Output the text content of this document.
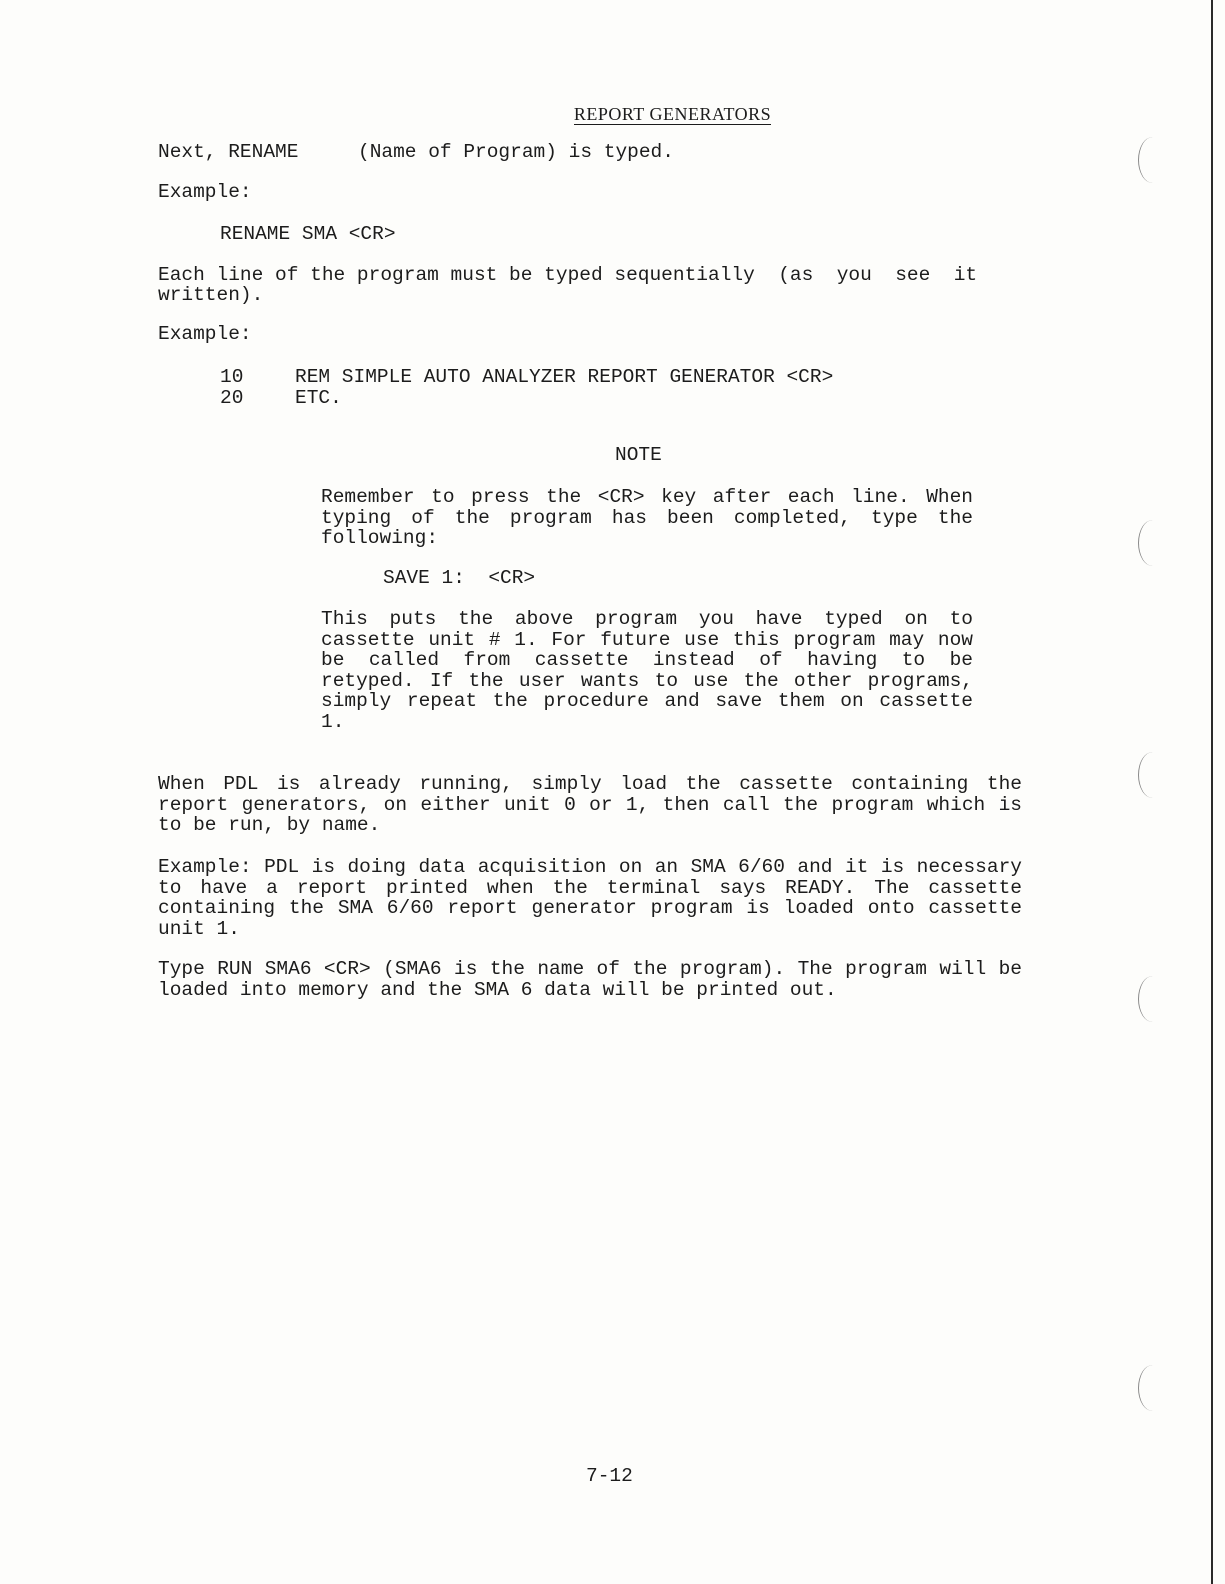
REPORT GENERATORS
Next, RENAME	(Name of Program) is typed.
Example:
RENAME SMA <CR>
Each line of the program must be typed sequentially  (as  you  see  it
written).
Example:
10	REM SIMPLE AUTO ANALYZER REPORT GENERATOR <CR>
20	ETC.
NOTE

Remember to press the <CR> key after each line. When typing of the program has been completed, type the following:

SAVE 1:  <CR>

This puts the above program you have typed on to cassette unit # 1. For future use this program may now be called from cassette instead of having to be retyped. If the user wants to use the other programs, simply repeat the procedure and save them on cassette 1.

When PDL is already running, simply load the cassette containing the report generators, on either unit 0 or 1, then call the program which is to be run, by name.

Example: PDL is doing data acquisition on an SMA 6/60 and it is necessary to have a report printed when the terminal says READY. The cassette containing the SMA 6/60 report generator program is loaded onto cassette unit 1.

Type RUN SMA6 <CR> (SMA6 is the name of the program). The program will be loaded into memory and the SMA 6 data will be printed out.

7-12
